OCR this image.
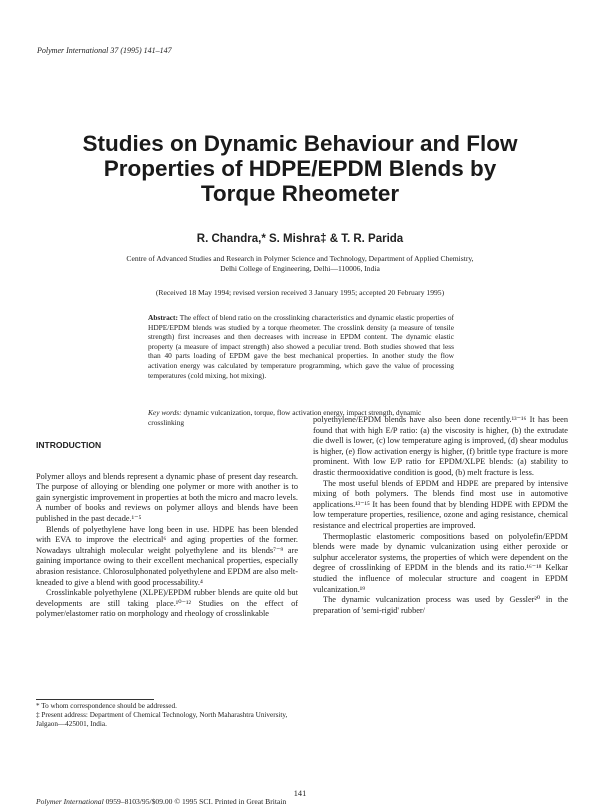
Polymer International 37 (1995) 141–147
Studies on Dynamic Behaviour and Flow
Properties of HDPE/EPDM Blends by
Torque Rheometer
R. Chandra,* S. Mishra‡ & T. R. Parida
Centre of Advanced Studies and Research in Polymer Science and Technology, Department of Applied Chemistry,
Delhi College of Engineering, Delhi—110006, India
(Received 18 May 1994; revised version received 3 January 1995; accepted 20 February 1995)
Abstract: The effect of blend ratio on the crosslinking characteristics and dynamic elastic properties of HDPE/EPDM blends was studied by a torque rheometer. The crosslink density (a measure of tensile strength) first increases and then decreases with increase in EPDM content. The dynamic elastic property (a measure of impact strength) also showed a peculiar trend. Both studies showed that less than 40 parts loading of EPDM gave the best mechanical properties. In another study the flow activation energy was calculated by temperature programming, which gave the value of processing temperatures (cold mixing, hot mixing).
Key words: dynamic vulcanization, torque, flow activation energy, impact strength, dynamic crosslinking
INTRODUCTION

Polymer alloys and blends represent a dynamic phase of present day research. The purpose of alloying or blending one polymer or more with another is to gain synergistic improvement in properties at both the micro and macro levels. A number of books and reviews on polymer alloys and blends have been published in the past decade.¹⁻⁵

Blends of polyethylene have long been in use. HDPE has been blended with EVA to improve the electrical⁶ and aging properties of the former. Nowadays ultrahigh molecular weight polyethylene and its blends⁷⁻⁹ are gaining importance owing to their excellent mechanical properties, especially abrasion resistance. Chlorosulphonated polyethylene and EPDM are also melt-kneaded to give a blend with good processability.⁴

Crosslinkable polyethylene (XLPE)/EPDM rubber blends are quite old but developments are still taking place.¹⁰⁻¹² Studies on the effect of polymer/elastomer ratio on morphology and rheology of crosslinkable

polyethylene/EPDM blends have also been done recently.¹³⁻¹⁶ It has been found that with high E/P ratio: (a) the viscosity is higher, (b) the extrudate die dwell is lower, (c) low temperature aging is improved, (d) shear modulus is higher, (e) flow activation energy is higher, (f) brittle type fracture is more prominent. With low E/P ratio for EPDM/XLPE blends: (a) stability to drastic thermooxidative condition is good, (b) melt fracture is less.

The most useful blends of EPDM and HDPE are prepared by intensive mixing of both polymers. The blends find most use in automotive applications.¹³⁻¹⁵ It has been found that by blending HDPE with EPDM the low temperature properties, resilience, ozone and aging resistance, chemical resistance and electrical properties are improved.

Thermoplastic elastomeric compositions based on polyolefin/EPDM blends were made by dynamic vulcanization using either peroxide or sulphur accelerator systems, the properties of which were dependent on the degree of crosslinking of EPDM in the blends and its ratio.¹⁶⁻¹⁸ Kelkar studied the influence of molecular structure and coagent in EPDM vulcanization.¹⁹

The dynamic vulcanization process was used by Gessler²⁰ in the preparation of 'semi-rigid' rubber/

* To whom correspondence should be addressed.
‡ Present address: Department of Chemical Technology, North Maharashtra University, Jalgaon—425001, India.
141
Polymer International 0959–8103/95/$09.00 © 1995 SCI. Printed in Great Britain
